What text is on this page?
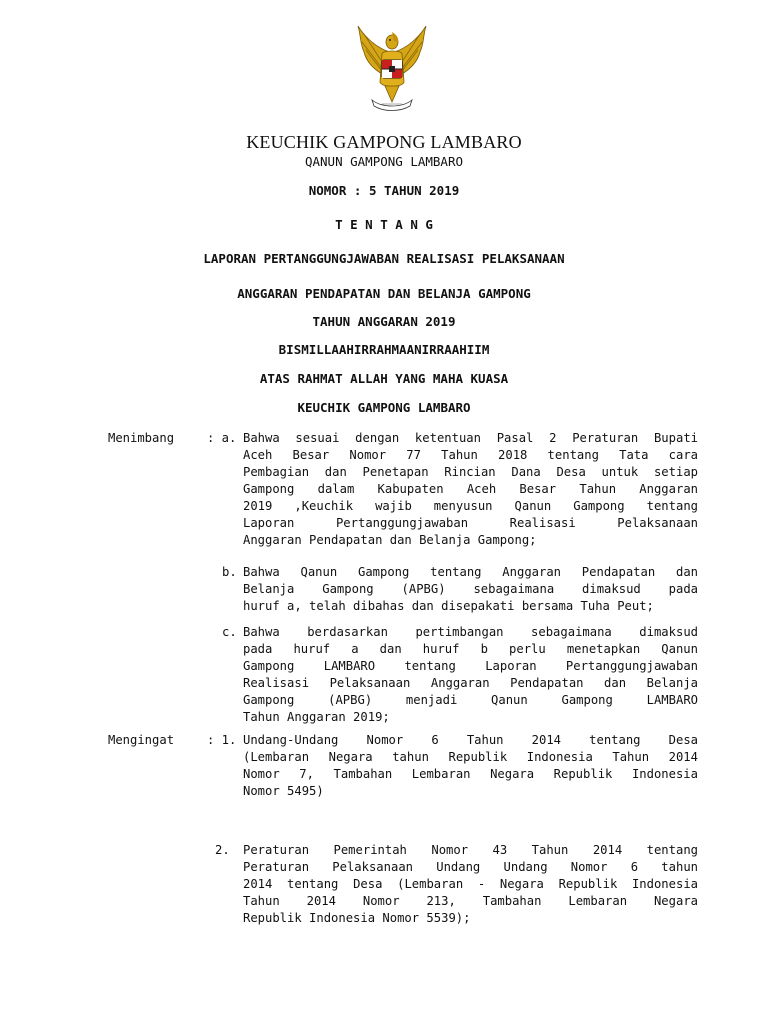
KEUCHIK GAMPONG LAMBARO
QANUN GAMPONG LAMBARO
NOMOR : 5 TAHUN 2019
T E N T A N G
LAPORAN PERTANGGUNGJAWABAN REALISASI PELAKSANAAN
ANGGARAN PENDAPATAN DAN BELANJA GAMPONG
TAHUN ANGGARAN 2019
BISMILLAAHIRRAHMAANIRRAAHIIM
ATAS RAHMAT ALLAH YANG MAHA KUASA
KEUCHIK GAMPONG LAMBARO
Menimbang	: a. Bahwa sesuai dengan ketentuan Pasal 2 Peraturan Bupati
Aceh Besar Nomor 77 Tahun 2018 tentang Tata cara
Pembagian dan Penetapan Rincian Dana Desa untuk setiap
Gampong dalam Kabupaten Aceh Besar Tahun Anggaran
2019 ,Keuchik wajib menyusun Qanun Gampong tentang
Laporan Pertanggungjawaban Realisasi Pelaksanaan
Anggaran Pendapatan dan Belanja Gampong;
b. Bahwa Qanun Gampong tentang Anggaran Pendapatan dan
Belanja Gampong (APBG) sebagaimana dimaksud pada
huruf a, telah dibahas dan disepakati bersama Tuha Peut;
c. Bahwa berdasarkan pertimbangan sebagaimana dimaksud
pada huruf a dan huruf b perlu menetapkan Qanun
Gampong LAMBARO tentang Laporan Pertanggungjawaban
Realisasi Pelaksanaan Anggaran Pendapatan dan Belanja
Gampong (APBG) menjadi Qanun Gampong LAMBARO
Tahun Anggaran 2019;
Mengingat	: 1. Undang-Undang Nomor 6 Tahun 2014 tentang Desa
(Lembaran Negara tahun Republik Indonesia Tahun 2014
Nomor 7, Tambahan Lembaran Negara Republik Indonesia
Nomor 5495)
2. Peraturan Pemerintah Nomor 43 Tahun 2014 tentang
Peraturan Pelaksanaan Undang Undang Nomor 6 tahun
2014 tentang Desa (Lembaran - Negara Republik Indonesia
Tahun 2014 Nomor 213, Tambahan Lembaran Negara
Republik Indonesia Nomor 5539);
